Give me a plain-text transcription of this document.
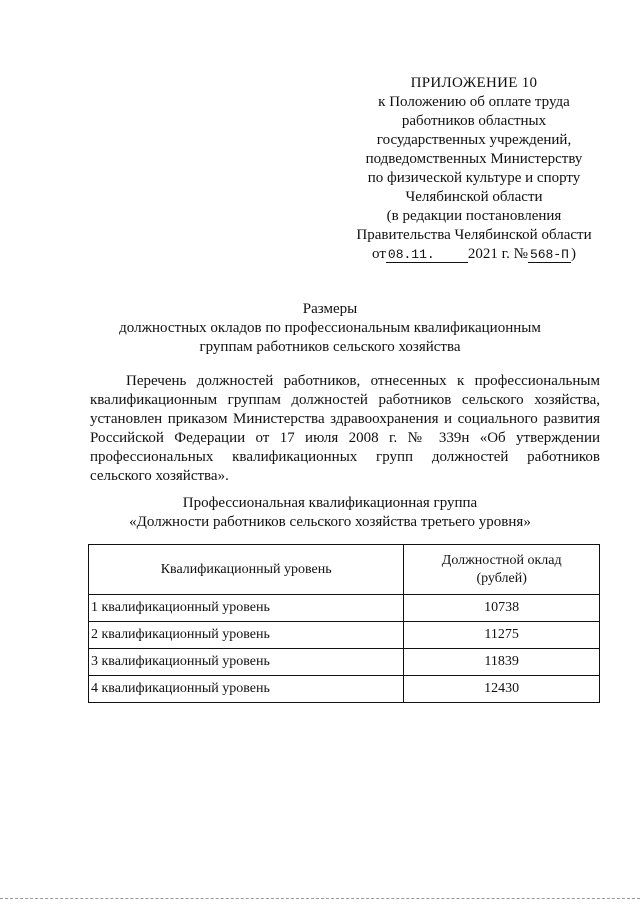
ПРИЛОЖЕНИЕ 10
к Положению об оплате труда
работников областных
государственных учреждений,
подведомственных Министерству
по физической культуре и спорту
Челябинской области
(в редакции постановления
Правительства Челябинской области
от 08.11. 2021 г. № 568-П )
Размеры
должностных окладов по профессиональным квалификационным
группам работников сельского хозяйства
Перечень должностей работников, отнесенных к профессиональным квалификационным группам должностей работников сельского хозяйства, установлен приказом Министерства здравоохранения и социального развития Российской Федерации от 17 июля 2008 г. № 339н «Об утверждении профессиональных квалификационных групп должностей работников сельского хозяйства».
Профессиональная квалификационная группа
«Должности работников сельского хозяйства третьего уровня»
Квалификационный уровень	Должностной оклад
(рублей)
1 квалификационный уровень	10738
2 квалификационный уровень	11275
3 квалификационный уровень	11839
4 квалификационный уровень	12430
